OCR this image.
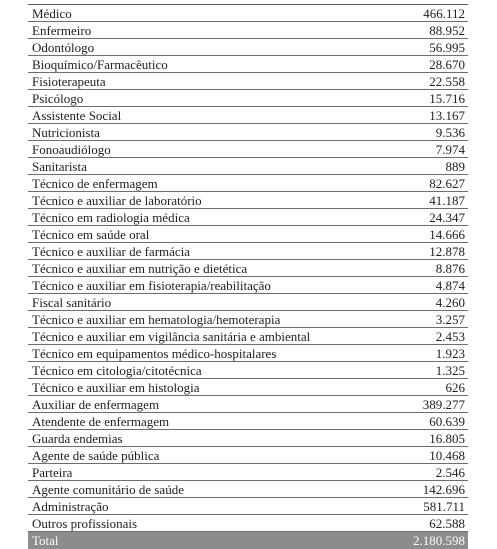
Médico	466.112
Enfermeiro	88.952
Odontólogo	56.995
Bioquímico/Farmacêutico	28.670
Fisioterapeuta	22.558
Psicólogo	15.716
Assistente Social	13.167
Nutricionista	9.536
Fonoaudiólogo	7.974
Sanitarista	889
Técnico de enfermagem	82.627
Técnico e auxiliar de laboratório	41.187
Técnico em radiologia médica	24.347
Técnico em saúde oral	14.666
Técnico e auxiliar de farmácia	12.878
Técnico e auxiliar em nutrição e dietética	8.876
Técnico e auxiliar em fisioterapia/reabilitação	4.874
Fiscal sanitário	4.260
Técnico e auxiliar em hematologia/hemoterapia	3.257
Técnico e auxiliar em vigilância sanitária e ambiental	2.453
Técnico em equipamentos médico-hospitalares	1.923
Técnico em citologia/citotécnica	1.325
Técnico e auxiliar em histologia	626
Auxiliar de enfermagem	389.277
Atendente de enfermagem	60.639
Guarda endemias	16.805
Agente de saúde pública	10.468
Parteira	2.546
Agente comunitário de saúde	142.696
Administração	581.711
Outros profissionais	62.588
Total	2.180.598
